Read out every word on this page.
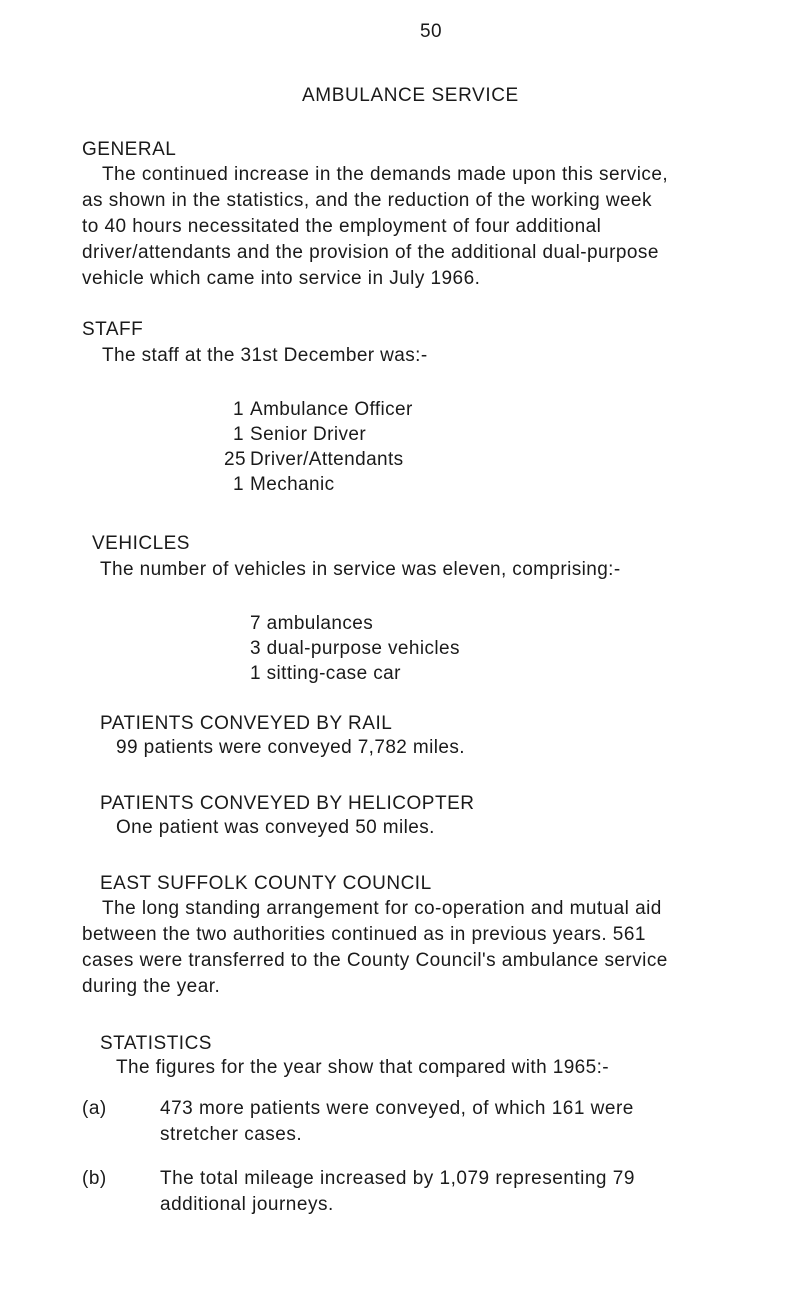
50

AMBULANCE SERVICE

GENERAL

The continued increase in the demands made upon this service,
as shown in the statistics, and the reduction of the working week
to 40 hours necessitated the employment of four additional
driver/attendants and the provision of the additional dual-purpose
vehicle which came into service in July 1966.

STAFF

The staff at the 31st December was:-

1 Ambulance Officer
1 Senior Driver
25 Driver/Attendants
1 Mechanic

VEHICLES

The number of vehicles in service was eleven, comprising:-

7 ambulances
3 dual-purpose vehicles
1 sitting-case car

PATIENTS CONVEYED BY RAIL

99 patients were conveyed 7,782 miles.

PATIENTS CONVEYED BY HELICOPTER

One patient was conveyed 50 miles.

EAST SUFFOLK COUNTY COUNCIL

The long standing arrangement for co-operation and mutual aid
between the two authorities continued as in previous years. 561
cases were transferred to the County Council's ambulance service
during the year.

STATISTICS

The figures for the year show that compared with 1965:-

(a)	473 more patients were conveyed, of which 161 were
stretcher cases.
(b)	The total mileage increased by 1,079 representing 79
additional journeys.
